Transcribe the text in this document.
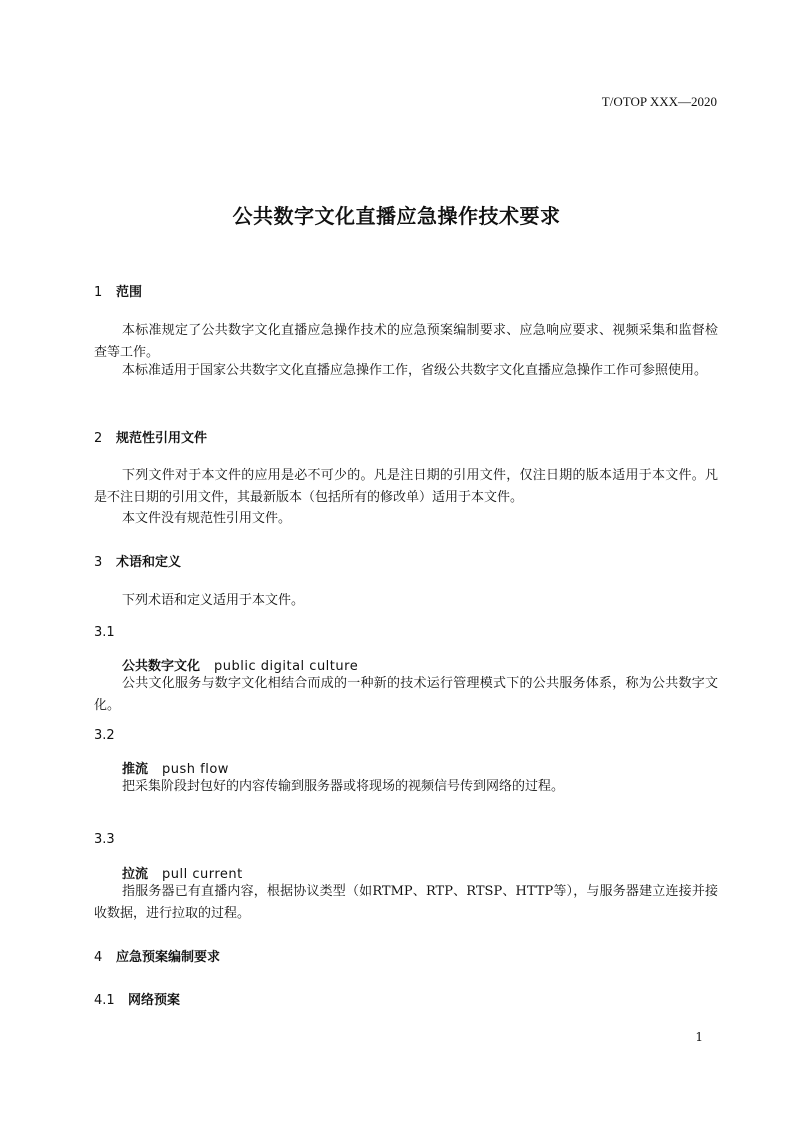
T/OTOP XXX—2020
公共数字文化直播应急操作技术要求
1 范围
本标准规定了公共数字文化直播应急操作技术的应急预案编制要求、应急响应要求、视频采集和监督检查等工作。
本标准适用于国家公共数字文化直播应急操作工作，省级公共数字文化直播应急操作工作可参照使用。
2 规范性引用文件
下列文件对于本文件的应用是必不可少的。凡是注日期的引用文件，仅注日期的版本适用于本文件。凡是不注日期的引用文件，其最新版本（包括所有的修改单）适用于本文件。
本文件没有规范性引用文件。
3 术语和定义
下列术语和定义适用于本文件。
3.1
公共数字文化 public digital culture
公共文化服务与数字文化相结合而成的一种新的技术运行管理模式下的公共服务体系，称为公共数字文化。
3.2
推流 push flow
把采集阶段封包好的内容传输到服务器或将现场的视频信号传到网络的过程。
3.3
拉流 pull current
指服务器已有直播内容，根据协议类型（如RTMP、RTP、RTSP、HTTP等），与服务器建立连接并接收数据，进行拉取的过程。
4 应急预案编制要求
4.1 网络预案
1
